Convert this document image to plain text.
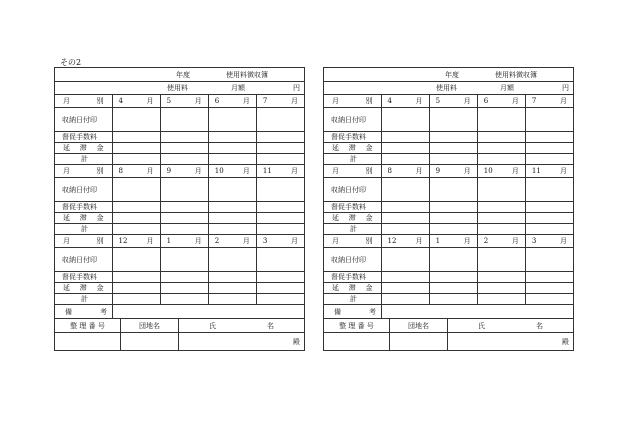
その2
年度	使用料徴収簿
使用料	月額	円
月	別 4	月 5	月 6	月 7	月
収納日付印
督促手数料
延 滞 金
計
月	別 8	月 9	月 10	月 11	月
収納日付印
督促手数料
延 滞 金
計
月	別 12	月 1	月 2	月 3	月
収納日付印
督促手数料
延 滞 金
計
備	考
整 理 番 号	団地名	氏	名
殿
年度	使用料徴収簿
使用料	月額	円
月	別 4	月 5	月 6	月 7	月
収納日付印
督促手数料
延 滞 金
計
月	別 8	月 9	月 10	月 11	月
収納日付印
督促手数料
延 滞 金
計
月	別 12	月 1	月 2	月 3	月
収納日付印
督促手数料
延 滞 金
計
備	考
整 理 番 号	団地名	氏	名
殿
